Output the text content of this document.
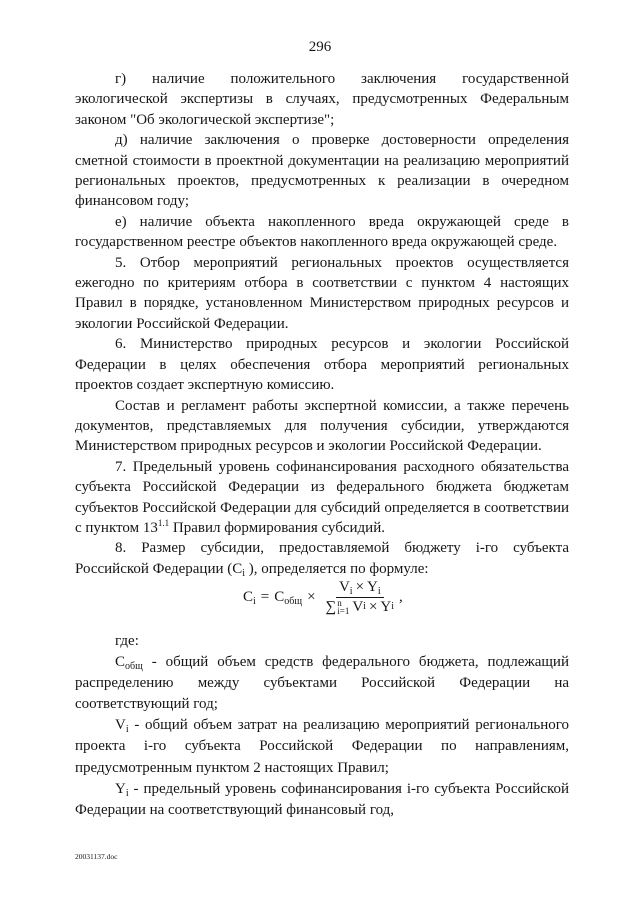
296

г) наличие положительного заключения государственной экологической экспертизы в случаях, предусмотренных Федеральным законом "Об экологической экспертизе";

д) наличие заключения о проверке достоверности определения сметной стоимости в проектной документации на реализацию мероприятий региональных проектов, предусмотренных к реализации в очередном финансовом году;

е) наличие объекта накопленного вреда окружающей среде в государственном реестре объектов накопленного вреда окружающей среде.

5. Отбор мероприятий региональных проектов осуществляется ежегодно по критериям отбора в соответствии с пунктом 4 настоящих Правил в порядке, установленном Министерством природных ресурсов и экологии Российской Федерации.

6. Министерство природных ресурсов и экологии Российской Федерации в целях обеспечения отбора мероприятий региональных проектов создает экспертную комиссию.

Состав и регламент работы экспертной комиссии, а также перечень документов, представляемых для получения субсидии, утверждаются Министерством природных ресурсов и экологии Российской Федерации.

7. Предельный уровень софинансирования расходного обязательства субъекта Российской Федерации из федерального бюджета бюджетам субъектов Российской Федерации для субсидий определяется в соответствии с пунктом $13^{1.1}$ Правил формирования субсидий.

8. Размер субсидии, предоставляемой бюджету i-го субъекта Российской Федерации ($C_i$ ), определяется по формуле:

$C_i = C_{общ} \times V_i \times Y_i$
∑ n
i=1 V i × Y i ,

где:

$C_{общ}$ - общий объем средств федерального бюджета, подлежащий распределению между субъектами Российской Федерации на соответствующий год;

$V_i$ - общий объем затрат на реализацию мероприятий регионального проекта i-го субъекта Российской Федерации по направлениям, предусмотренным пунктом 2 настоящих Правил;

$Y_i$ - предельный уровень софинансирования i-го субъекта Российской Федерации на соответствующий финансовый год,

20031137.doc
